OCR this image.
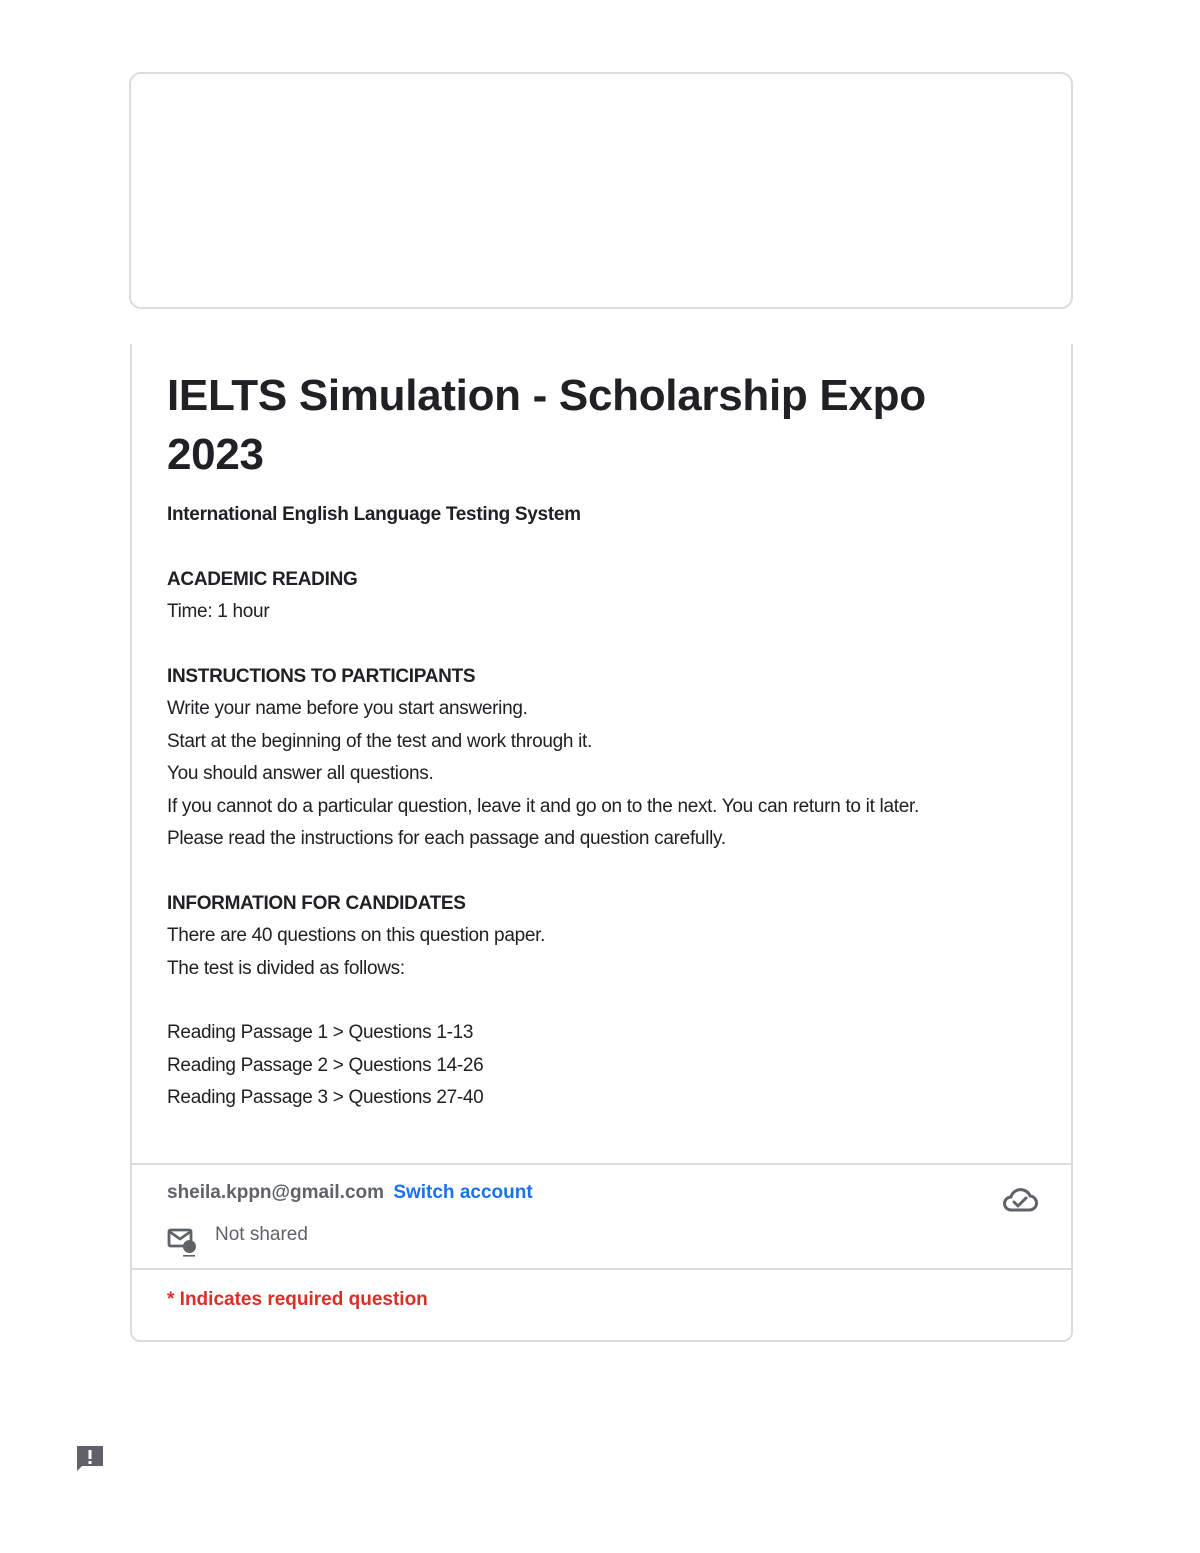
IELTS Simulation - Scholarship Expo 2023

International English Language Testing System

ACADEMIC READING

Time: 1 hour

INSTRUCTIONS TO PARTICIPANTS

Write your name before you start answering.

Start at the beginning of the test and work through it.

You should answer all questions.

If you cannot do a particular question, leave it and go on to the next. You can return to it later.

Please read the instructions for each passage and question carefully.

INFORMATION FOR CANDIDATES

There are 40 questions on this question paper.

The test is divided as follows:

Reading Passage 1 > Questions 1-13

Reading Passage 2 > Questions 14-26

Reading Passage 3 > Questions 27-40

sheila.kppn@gmail.com Switch account
Not shared
* Indicates required question
